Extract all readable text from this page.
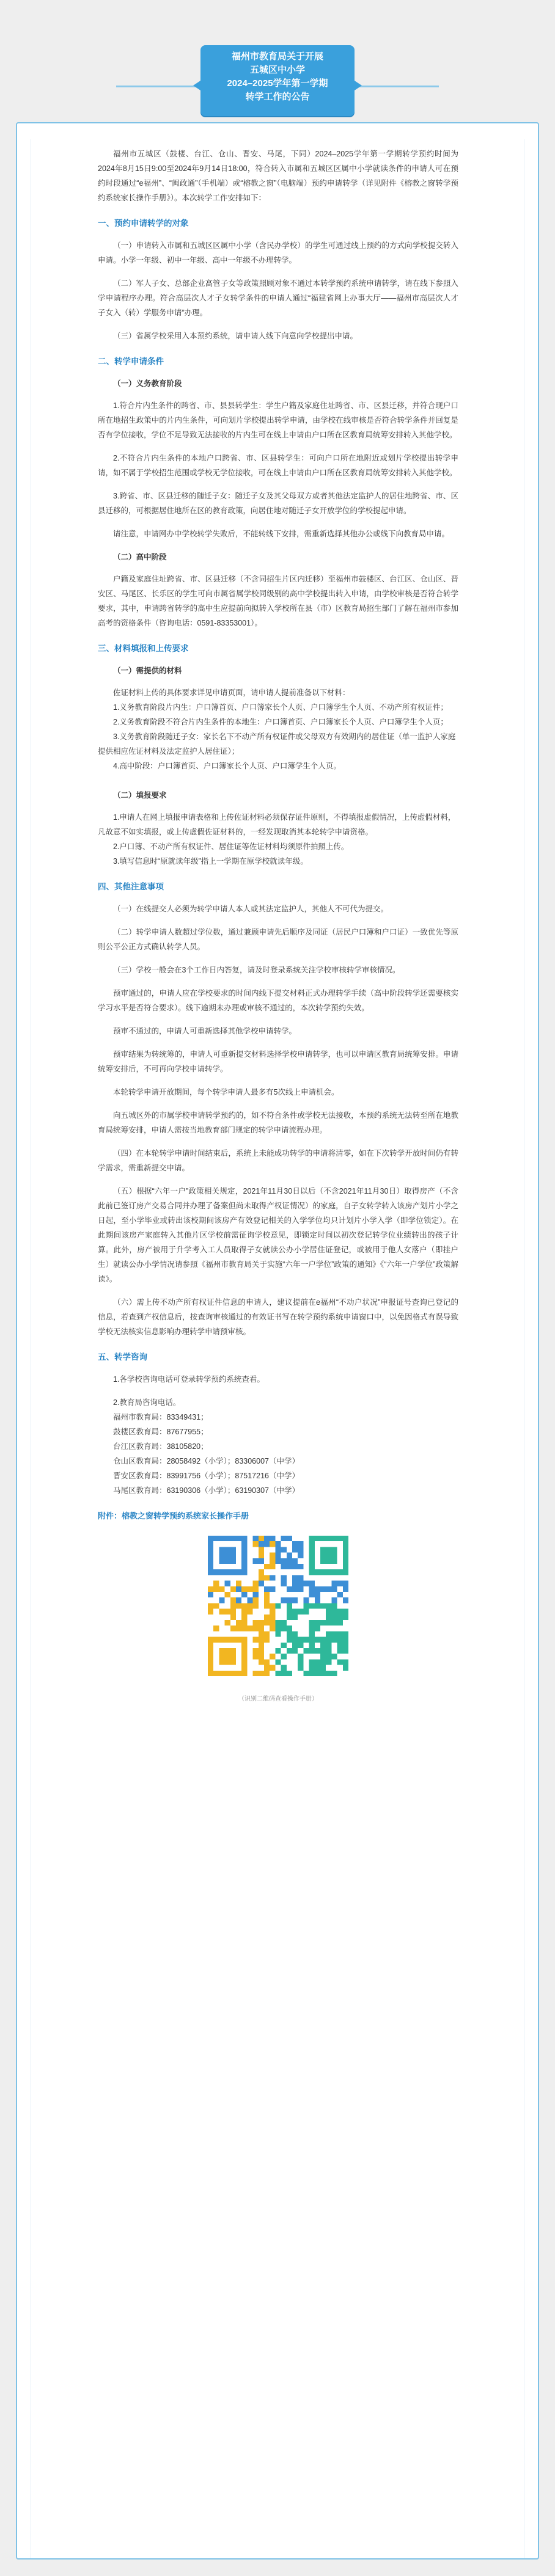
福州市教育局关于开展
五城区中小学
2024–2025学年第一学期
转学工作的公告

福州市五城区（鼓楼、台江、仓山、晋安、马尾，下同）2024–2025学年第一学期转学预约时间为2024年8月15日9:00至2024年9月14日18:00，符合转入市属和五城区区属中小学就读条件的申请人可在预约时段通过“e福州”、“闽政通”（手机端）或“榕教之窗”（电脑端）预约申请转学（详见附件《榕教之窗转学预约系统家长操作手册》）。本次转学工作安排如下：

一、预约申请转学的对象

（一）申请转入市属和五城区区属中小学（含民办学校）的学生可通过线上预约的方式向学校提交转入申请。小学一年级、初中一年级、高中一年级不办理转学。

（二）军人子女、总部企业高管子女等政策照顾对象不通过本转学预约系统申请转学，请在线下参照入学申请程序办理。符合高层次人才子女转学条件的申请人通过“福建省网上办事大厅——福州市高层次人才子女入（转）学服务申请”办理。

（三）省属学校采用入本预约系统，请申请人线下向意向学校提出申请。

二、转学申请条件
（一）义务教育阶段

1.符合片内生条件的跨省、市、县县转学生：学生户籍及家庭住址跨省、市、区县迁移，并符合现户口所在地招生政策中的片内生条件，可向划片学校提出转学申请，由学校在线审核是否符合转学条件并回复是否有学位接收，学位不足导致无法接收的片内生可在线上申请由户口所在区教育局统筹安排转入其他学校。

2.不符合片内生条件的本地户口跨省、市、区县转学生：可向户口所在地附近或划片学校提出转学申请，如不属于学校招生范围或学校无学位接收，可在线上申请由户口所在区教育局统筹安排转入其他学校。

3.跨省、市、区县迁移的随迁子女：随迁子女及其父母双方或者其他法定监护人的居住地跨省、市、区县迁移的，可根据居住地所在区的教育政策，向居住地对随迁子女开放学位的学校提起申请。

请注意，申请网办中学校转学失败后，不能转线下安排，需重新选择其他办公或线下向教育局申请。

（二）高中阶段

户籍及家庭住址跨省、市、区县迁移（不含同招生片区内迁移）至福州市鼓楼区、台江区、仓山区、晋安区、马尾区、长乐区的学生可向市属省属学校同级别的高中学校提出转入申请，由学校审核是否符合转学要求，其中，申请跨省转学的高中生应提前向拟转入学校所在县（市）区教育局招生部门了解在福州市参加高考的资格条件（咨询电话：0591-83353001）。

三、材料填报和上传要求
（一）需提供的材料

佐证材料上传的具体要求详见申请页面，请申请人提前准备以下材料：

1.义务教育阶段片内生：户口簿首页、户口簿家长个人页、户口簿学生个人页、不动产所有权证件；

2.义务教育阶段不符合片内生条件的本地生：户口簿首页、户口簿家长个人页、户口簿学生个人页；

3.义务教育阶段随迁子女：家长名下不动产所有权证件或父母双方有效期内的居住证（单一监护人家庭提供相应佐证材料及法定监护人居住证）；

4.高中阶段：户口簿首页、户口簿家长个人页、户口簿学生个人页。

（二）填报要求

1.申请人在网上填报申请表格和上传佐证材料必须保存证件原则，不得填报虚假情况，上传虚假材料，凡故意不如实填报，或上传虚假佐证材料的，一经发现取消其本轮转学申请资格。

2.户口簿、不动产所有权证件、居住证等佐证材料均须原件拍照上传。

3.填写信息时“原就读年级”指上一学期在原学校就读年级。

四、其他注意事项

（一）在线提交人必须为转学申请人本人或其法定监护人，其他人不可代为提交。

（二）转学申请人数超过学位数，通过兼顾申请先后顺序及同证（居民户口簿和户口证）一致优先等原则公平公正方式确认转学人员。

（三）学校一般会在3个工作日内答复，请及时登录系统关注学校审核转学审核情况。

预审通过的，申请人应在学校要求的时间内线下提交材料正式办理转学手续（高中阶段转学还需要核实学习水平是否符合要求）。线下逾期未办理或审核不通过的，本次转学预约失效。

预审不通过的，申请人可重新选择其他学校申请转学。

预审结果为转统筹的，申请人可重新提交材料选择学校申请转学，也可以申请区教育局统筹安排。申请统筹安排后，不可再向学校申请转学。

本轮转学申请开放期间，每个转学申请人最多有5次线上申请机会。

向五城区外的市属学校申请转学预约的，如不符合条件或学校无法接收，本预约系统无法转至所在地教育局统筹安排，申请人需按当地教育部门规定的转学申请流程办理。

（四）在本轮转学申请时间结束后，系统上未能成功转学的申请将清零，如在下次转学开放时间仍有转学需求，需重新提交申请。

（五）根据“六年一户”政策相关规定，2021年11月30日以后（不含2021年11月30日）取得房产（不含此前已签订房产交易合同并办理了备案但尚未取得产权证情况）的家庭，自子女转学转入该房产划片小学之日起，至小学毕业或转出该校期间该房产有效登记相关的入学学位均只计划片小学入学（即学位锁定）。在此期间该房产家庭转入其他片区学校前需征询学校意见，即锁定时间以初次登记转学位业绩转出的孩子计算。此外，房产被用于升学考入工人员取得子女就读公办小学居住证登记，或被用于他人女落户（即挂户生）就读公办小学情况请参照《福州市教育局关于实施“六年一户学位”政策的通知》《“六年一户学位”政策解读》。

（六）需上传不动产所有权证件信息的申请人，建议提前在e福州“不动户状况”申报证号查询已登记的信息，若查到产权信息后，按查询审核通过的有效证书写在转学预约系统申请窗口中，以免因格式有误导致学校无法核实信息影响办理转学申请预审核。

五、转学咨询

1.各学校咨询电话可登录转学预约系统查看。

2.教育局咨询电话。

福州市教育局：83349431；

鼓楼区教育局：87677955；

台江区教育局：38105820；

仓山区教育局：28058492（小学）；83306007（中学）

晋安区教育局：83991756（小学）；87517216（中学）

马尾区教育局：63190306（小学）；63190307（中学）

附件：榕教之窗转学预约系统家长操作手册
（识别二维码查看操作手册）
